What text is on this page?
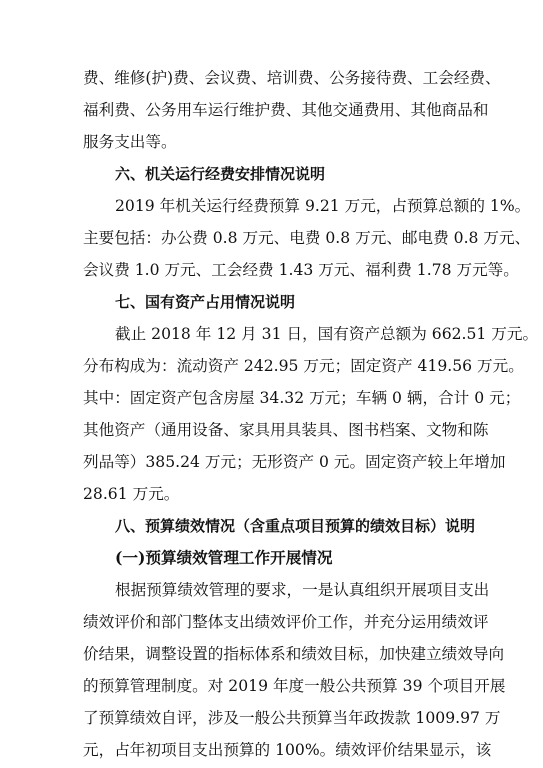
费、维修(护)费、会议费、培训费、公务接待费、工会经费、
福利费、公务用车运行维护费、其他交通费用、其他商品和
服务支出等。
六、机关运行经费安排情况说明
2019 年机关运行经费预算 9.21 万元，占预算总额的 1%。
主要包括：办公费 0.8 万元、电费 0.8 万元、邮电费 0.8 万元、
会议费 1.0 万元、工会经费 1.43 万元、福利费 1.78 万元等。
七、国有资产占用情况说明
截止 2018 年 12 月 31 日，国有资产总额为 662.51 万元。
分布构成为：流动资产 242.95 万元；固定资产 419.56 万元。
其中：固定资产包含房屋 34.32 万元；车辆 0 辆，合计 0 元；
其他资产（通用设备、家具用具装具、图书档案、文物和陈
列品等）385.24 万元；无形资产 0 元。固定资产较上年增加
28.61 万元。
八、预算绩效情况（含重点项目预算的绩效目标）说明
(一)预算绩效管理工作开展情况
根据预算绩效管理的要求，一是认真组织开展项目支出
绩效评价和部门整体支出绩效评价工作，并充分运用绩效评
价结果，调整设置的指标体系和绩效目标，加快建立绩效导向
的预算管理制度。对 2019 年度一般公共预算 39 个项目开展
了预算绩效自评，涉及一般公共预算当年政拨款 1009.97 万
元，占年初项目支出预算的 100%。绩效评价结果显示，该
